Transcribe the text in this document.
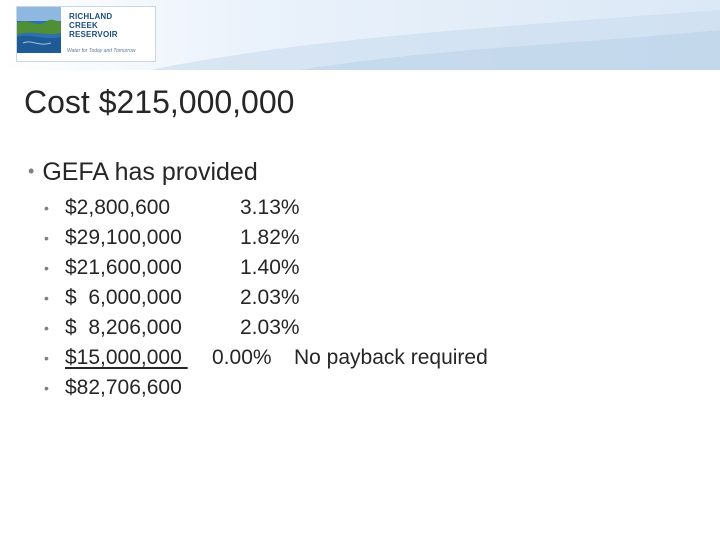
www.RCReservoir.com
RICHLAND
CREEK
RESERVOIR
Water for Today and Tomorrow
Cost $215,000,000
• GEFA has provided
• $2,800,600	3.13%
• $29,100,000	1.82%
• $21,600,000	1.40%
• $  6,000,000	2.03%
• $  8,206,000	2.03%
• $15,000,000 0.00% No payback required
• $82,706,600
